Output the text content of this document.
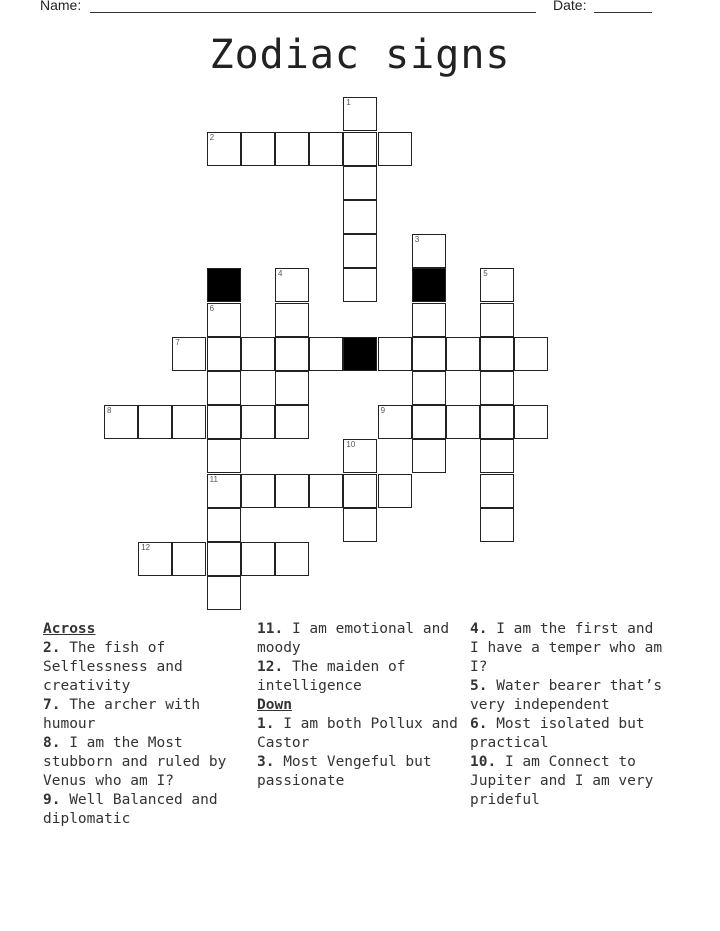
Name:	Date:
Zodiac signs
1
2
3
4	5
6
11
7
8	9
10
12

Across

2. The fish of Selflessness and creativity

7. The archer with humour

8. I am the Most stubborn and ruled by Venus who am I?

9. Well Balanced and diplomatic

11. I am emotional and moody

12. The maiden of intelligence

Down

1. I am both Pollux and Castor

3. Most Vengeful but passionate

4. I am the first and I have a temper who am I?

5. Water bearer that’s very independent

6. Most isolated but practical

10. I am Connect to Jupiter and I am very prideful
